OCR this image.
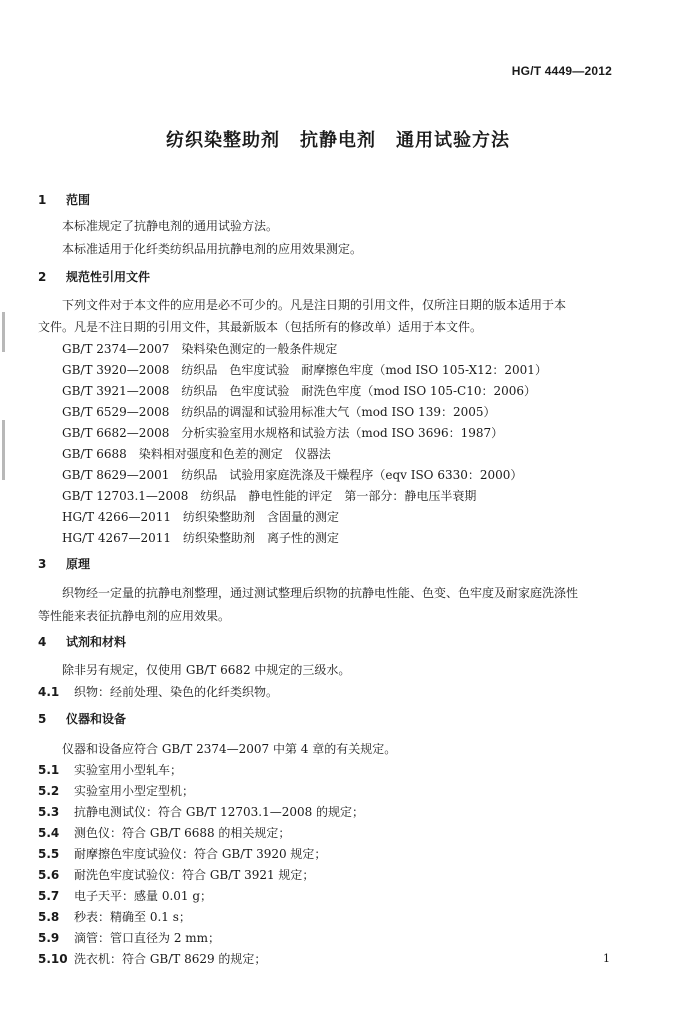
HG/T 4449—2012
纺织染整助剂 抗静电剂 通用试验方法
1 范围
本标准规定了抗静电剂的通用试验方法。
本标准适用于化纤类纺织品用抗静电剂的应用效果测定。
2 规范性引用文件
下列文件对于本文件的应用是必不可少的。凡是注日期的引用文件，仅所注日期的版本适用于本
文件。凡是不注日期的引用文件，其最新版本（包括所有的修改单）适用于本文件。
GB/T 2374—2007　染料染色测定的一般条件规定
GB/T 3920—2008　纺织品　色牢度试验　耐摩擦色牢度（mod ISO 105-X12：2001）
GB/T 3921—2008　纺织品　色牢度试验　耐洗色牢度（mod ISO 105-C10：2006）
GB/T 6529—2008　纺织品的调湿和试验用标准大气（mod ISO 139：2005）
GB/T 6682—2008　分析实验室用水规格和试验方法（mod ISO 3696：1987）
GB/T 6688　染料相对强度和色差的测定　仪器法
GB/T 8629—2001　纺织品　试验用家庭洗涤及干燥程序（eqv ISO 6330：2000）
GB/T 12703.1—2008　纺织品　静电性能的评定　第一部分：静电压半衰期
HG/T 4266—2011　纺织染整助剂　含固量的测定
HG/T 4267—2011　纺织染整助剂　离子性的测定
3 原理
织物经一定量的抗静电剂整理，通过测试整理后织物的抗静电性能、色变、色牢度及耐家庭洗涤性
等性能来表征抗静电剂的应用效果。
4 试剂和材料
除非另有规定，仅使用 GB/T 6682 中规定的三级水。
4.1 织物：经前处理、染色的化纤类织物。
5 仪器和设备
仪器和设备应符合 GB/T 2374—2007 中第 4 章的有关规定。
5.1 实验室用小型轧车；
5.2 实验室用小型定型机；
5.3 抗静电测试仪：符合 GB/T 12703.1—2008 的规定；
5.4 测色仪：符合 GB/T 6688 的相关规定；
5.5 耐摩擦色牢度试验仪：符合 GB/T 3920 规定；
5.6 耐洗色牢度试验仪：符合 GB/T 3921 规定；
5.7 电子天平：感量 0.01 g；
5.8 秒表：精确至 0.1 s；
5.9 滴管：管口直径为 2 mm；
5.10 洗衣机：符合 GB/T 8629 的规定；	1
